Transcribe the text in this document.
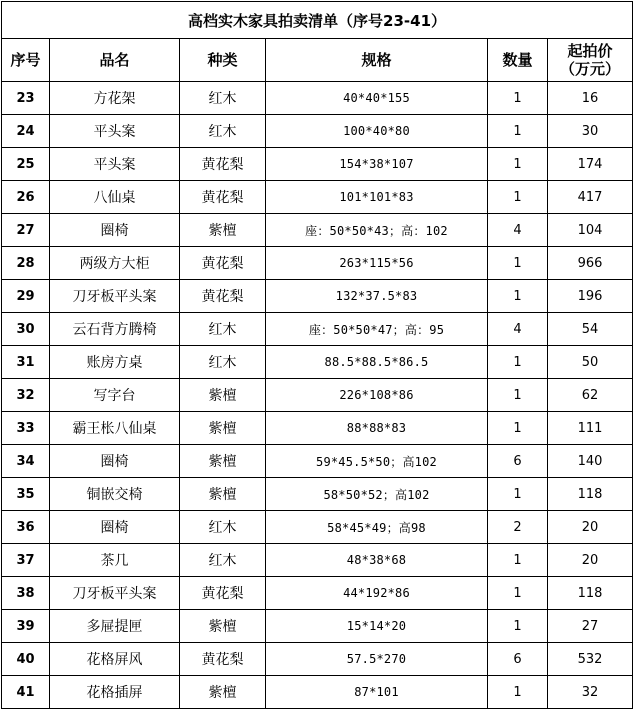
高档实木家具拍卖清单（序号23-41）					
序号	品名	种类	规格	数量	起拍价
（万元）

23	方花架	红木	40*40*155	1	16
24	平头案	红木	100*40*80	1	30
25	平头案	黄花梨	154*38*107	1	174
26	八仙桌	黄花梨	101*101*83	1	417
27	圈椅	紫檀	座：50*50*43；高：102	4	104
28	两级方大柜	黄花梨	263*115*56	1	966
29	刀牙板平头案	黄花梨	132*37.5*83	1	196
30	云石背方腾椅	红木	座：50*50*47；高：95	4	54
31	账房方桌	红木	88.5*88.5*86.5	1	50
32	写字台	紫檀	226*108*86	1	62
33	霸王枨八仙桌	紫檀	88*88*83	1	111
34	圈椅	紫檀	59*45.5*50；高102	6	140
35	铜嵌交椅	紫檀	58*50*52；高102	1	118
36	圈椅	红木	58*45*49；高98	2	20
37	茶几	红木	48*38*68	1	20
38	刀牙板平头案	黄花梨	44*192*86	1	118
39	多屉提匣	紫檀	15*14*20	1	27
40	花格屏风	黄花梨	57.5*270	6	532
41	花格插屏	紫檀	87*101	1	32
